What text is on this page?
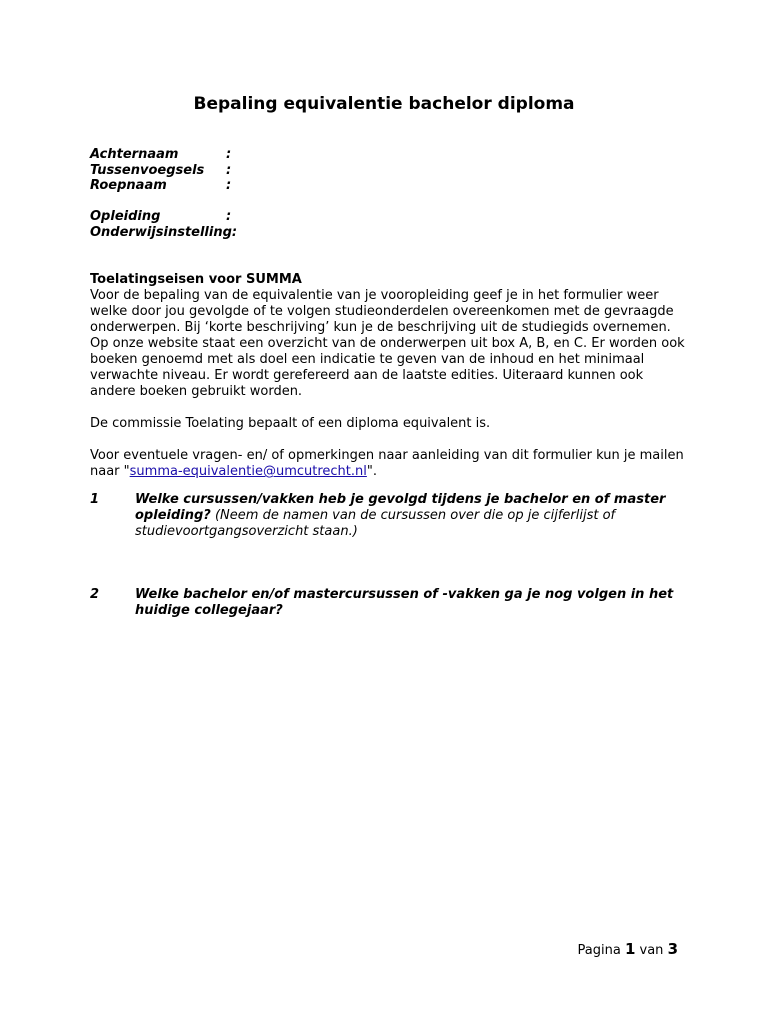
Bepaling equivalentie bachelor diploma
Achternaam	:
Tussenvoegsels	:
Roepnaam	:
Opleiding	:
Onderwijsinstelling:

Toelatingseisen voor SUMMA

Voor de bepaling van de equivalentie van je vooropleiding geef je in het formulier weer welke door jou gevolgde of te volgen studieonderdelen overeenkomen met de gevraagde onderwerpen. Bij ‘korte beschrijving’ kun je de beschrijving uit de studiegids overnemen. Op onze website staat een overzicht van de onderwerpen uit box A, B, en C. Er worden ook boeken genoemd met als doel een indicatie te geven van de inhoud en het minimaal verwachte niveau. Er wordt gerefereerd aan de laatste edities. Uiteraard kunnen ook andere boeken gebruikt worden.

De commissie Toelating bepaalt of een diploma equivalent is.

Voor eventuele vragen- en/ of opmerkingen naar aanleiding van dit formulier kun je mailen naar "summa-equivalentie@umcutrecht.nl".

1	Welke cursussen/vakken heb je gevolgd tijdens je bachelor en of master opleiding? (Neem de namen van de cursussen over die op je cijferlijst of studievoortgangsoverzicht staan.)
2	Welke bachelor en/of mastercursussen of -vakken ga je nog volgen in het huidige collegejaar?
Pagina 1 van 3
